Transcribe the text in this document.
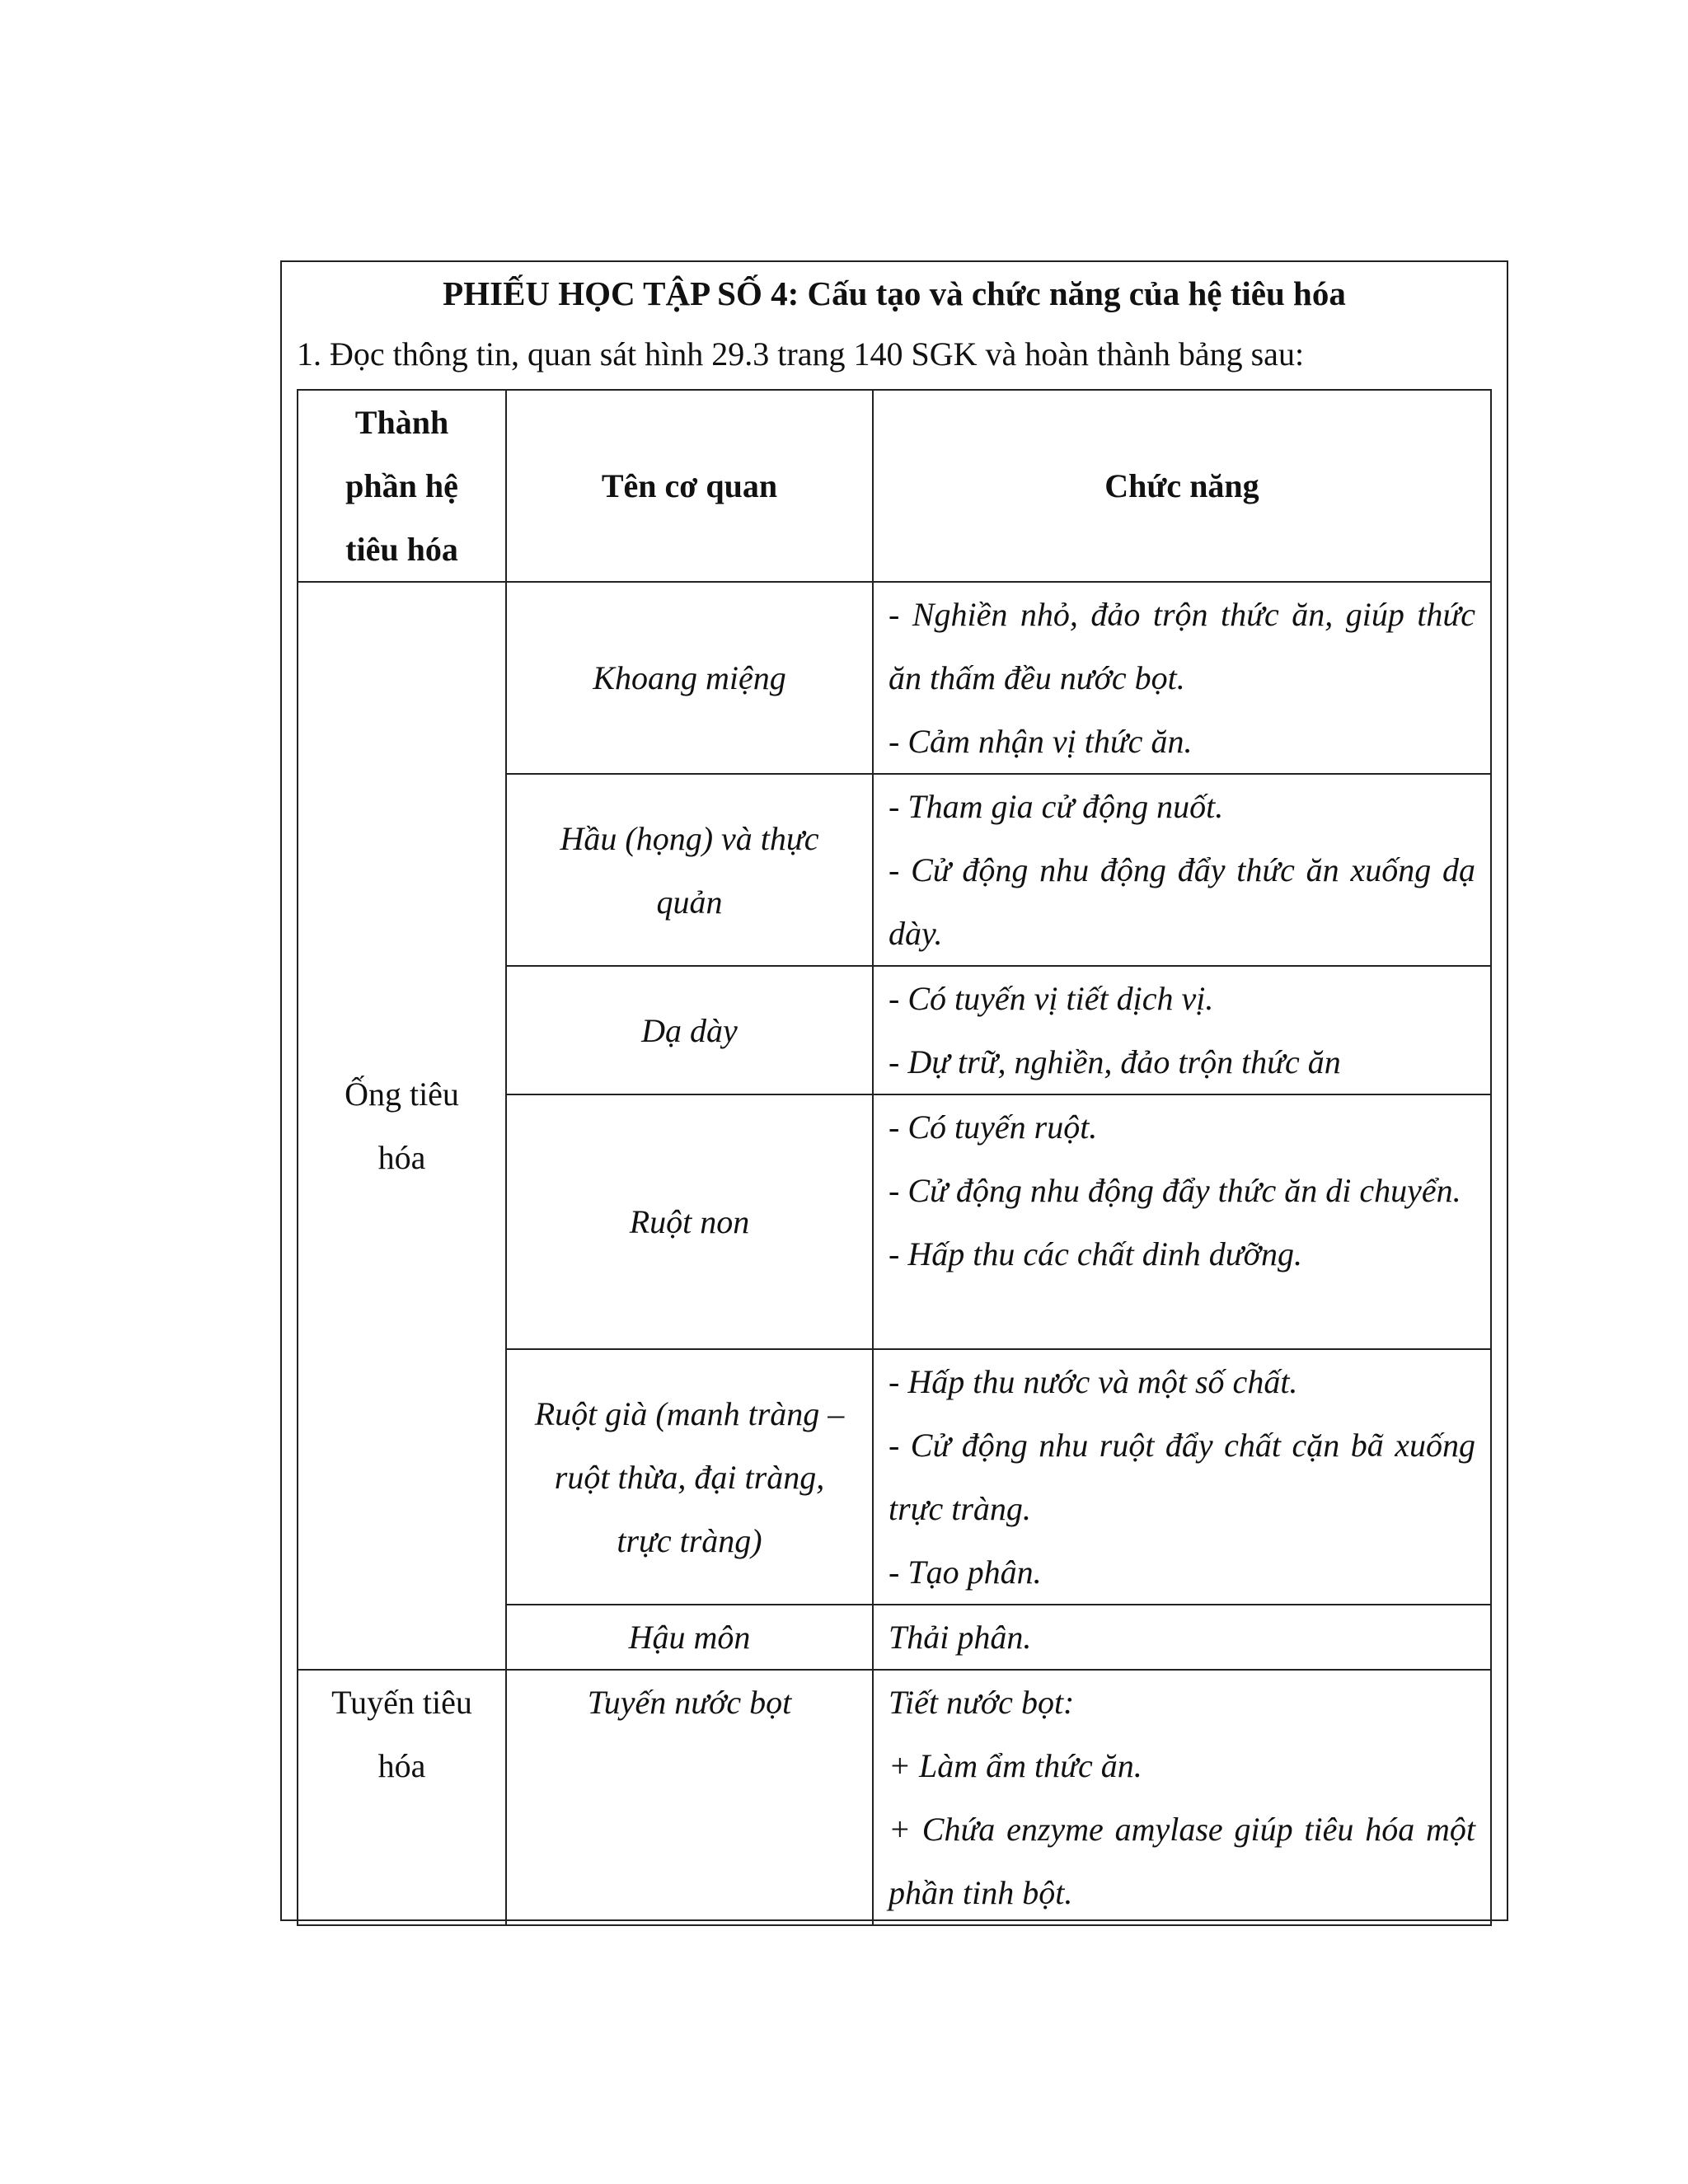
PHIẾU HỌC TẬP SỐ 4: Cấu tạo và chức năng của hệ tiêu hóa

1. Đọc thông tin, quan sát hình 29.3 trang 140 SGK và hoàn thành bảng sau:

Thành phần hệ tiêu hóa	Tên cơ quan	Chức năng
Ống tiêu hóa	Khoang miệng	- Nghiền nhỏ, đảo trộn thức ăn, giúp thức ăn thấm đều nước bọt.
- Cảm nhận vị thức ăn.

	Hầu (họng) và thực quản	- Tham gia cử động nuốt.
- Cử động nhu động đẩy thức ăn xuống dạ dày.

	Dạ dày	- Có tuyến vị tiết dịch vị.
- Dự trữ, nghiền, đảo trộn thức ăn

	Ruột non	- Có tuyến ruột.
- Cử động nhu động đẩy thức ăn di chuyển.
- Hấp thu các chất dinh dưỡng.

	Ruột già (manh tràng – ruột thừa, đại tràng, trực tràng)	- Hấp thu nước và một số chất.
- Cử động nhu ruột đẩy chất cặn bã xuống trực tràng.
- Tạo phân.

	Hậu môn	Thải phân.

Tuyến tiêu hóa	Tuyến nước bọt	Tiết nước bọt:
+ Làm ẩm thức ăn.
+ Chứa enzyme amylase giúp tiêu hóa một phần tinh bột.
